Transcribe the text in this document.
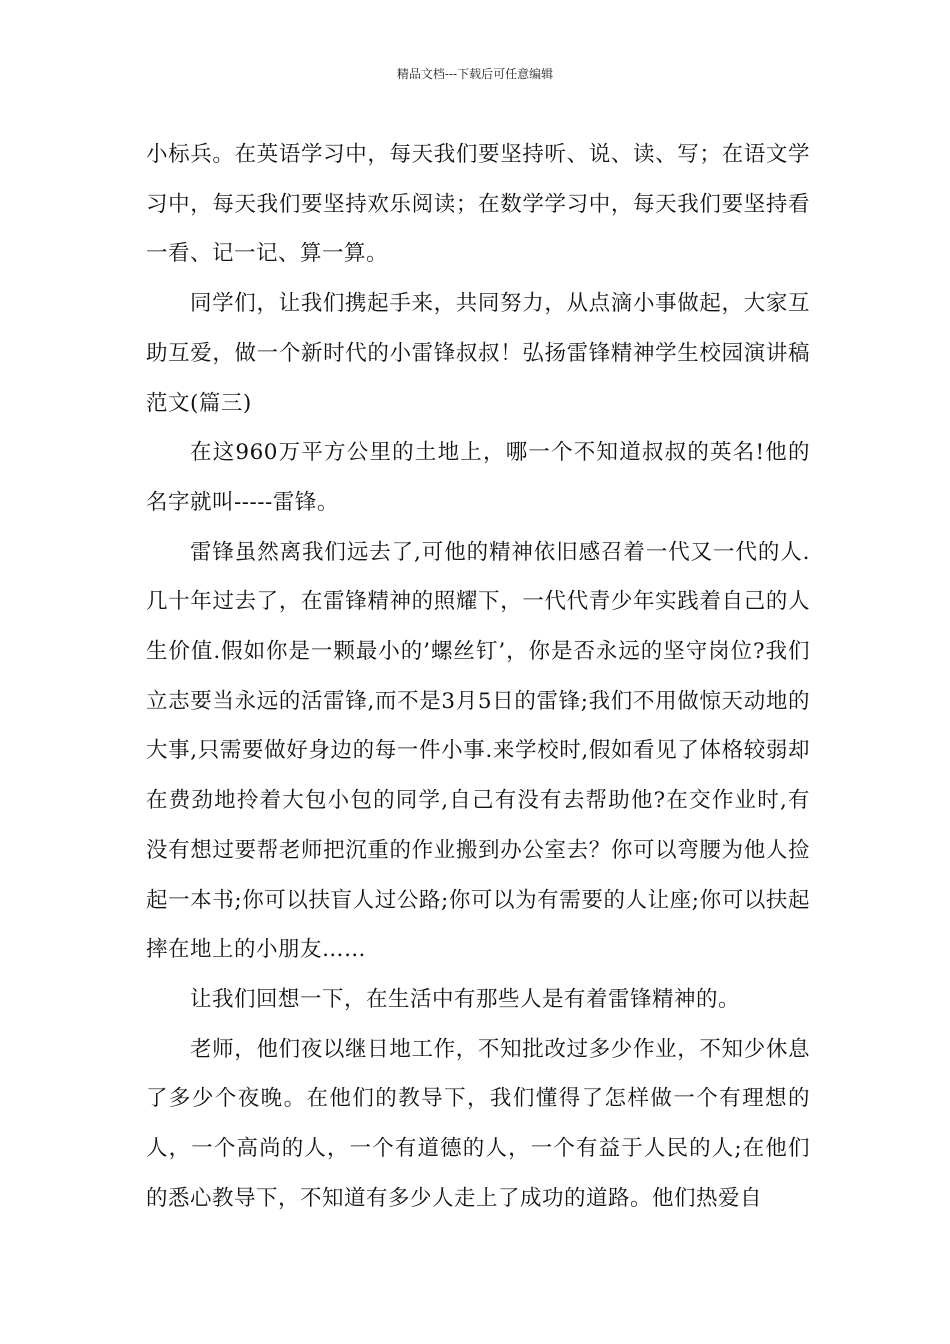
精品文档---下载后可任意编辑

小标兵。在英语学习中，每天我们要坚持听、说、读、写；在语文学习中，每天我们要坚持欢乐阅读；在数学学习中，每天我们要坚持看一看、记一记、算一算。

同学们，让我们携起手来，共同努力，从点滴小事做起，大家互助互爱，做一个新时代的小雷锋叔叔！弘扬雷锋精神学生校园演讲稿范文(篇三)

在这960万平方公里的土地上，哪一个不知道叔叔的英名!他的名字就叫-----雷锋。

雷锋虽然离我们远去了,可他的精神依旧感召着一代又一代的人.几十年过去了，在雷锋精神的照耀下，一代代青少年实践着自己的人生价值.假如你是一颗最小的’螺丝钉’，你是否永远的坚守岗位?我们立志要当永远的活雷锋,而不是3月5日的雷锋;我们不用做惊天动地的大事,只需要做好身边的每一件小事.来学校时,假如看见了体格较弱却在费劲地拎着大包小包的同学,自己有没有去帮助他?在交作业时,有没有想过要帮老师把沉重的作业搬到办公室去？你可以弯腰为他人捡起一本书;你可以扶盲人过公路;你可以为有需要的人让座;你可以扶起摔在地上的小朋友……

让我们回想一下，在生活中有那些人是有着雷锋精神的。

老师，他们夜以继日地工作，不知批改过多少作业，不知少休息了多少个夜晚。在他们的教导下，我们懂得了怎样做一个有理想的人，一个高尚的人，一个有道德的人，一个有益于人民的人;在他们的悉心教导下，不知道有多少人走上了成功的道路。他们热爱自
